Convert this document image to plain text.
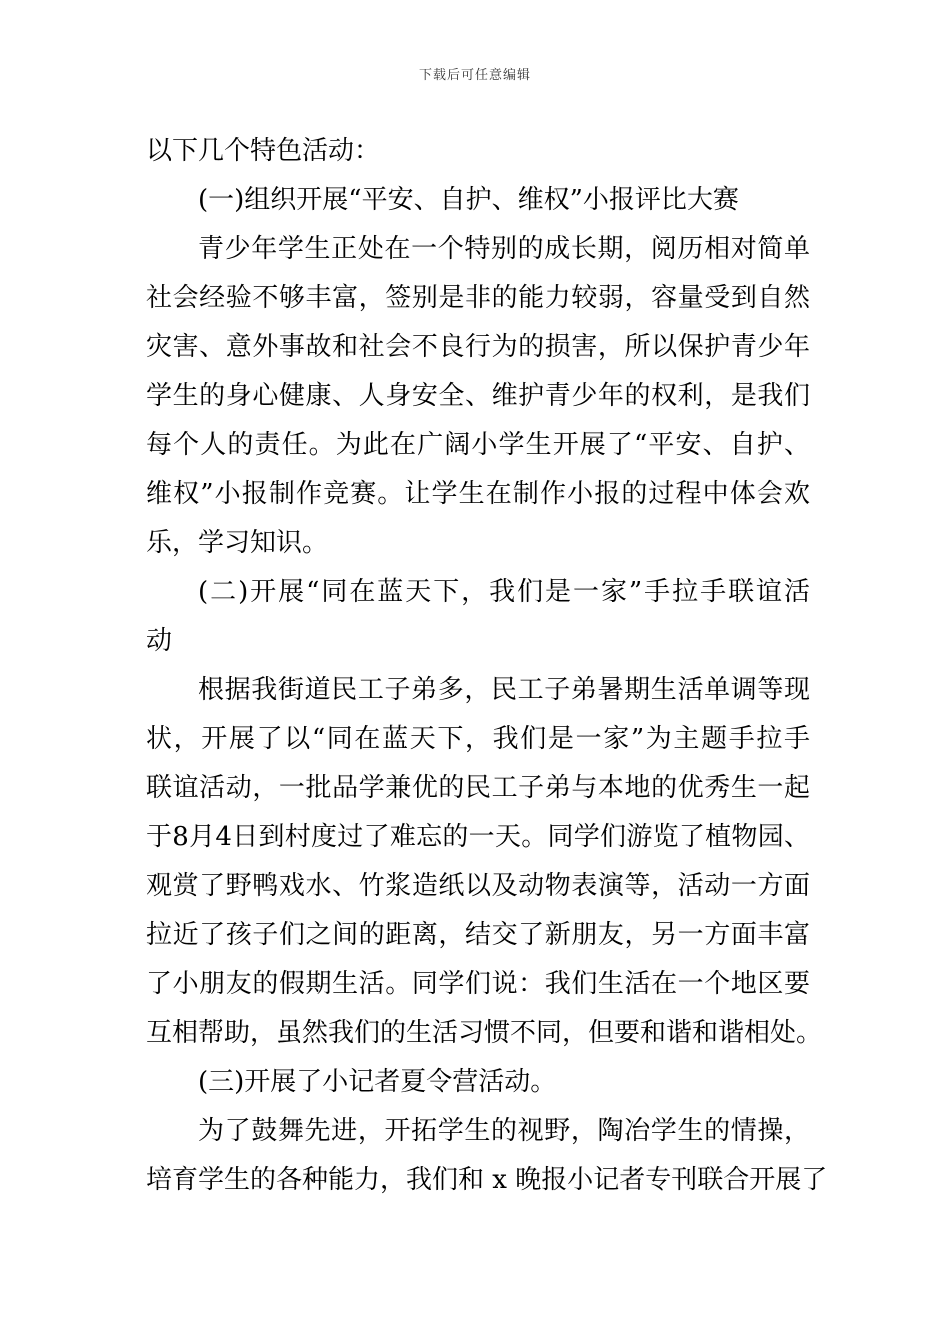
下载后可任意编辑
以下几个特色活动：
(一)组织开展“平安、自护、维权”小报评比大赛
青少年学生正处在一个特别的成长期，阅历相对简单
社会经验不够丰富，签别是非的能力较弱，容量受到自然
灾害、意外事故和社会不良行为的损害，所以保护青少年
学生的身心健康、人身安全、维护青少年的权利，是我们
每个人的责任。为此在广阔小学生开展了“平安、自护、
维权”小报制作竞赛。让学生在制作小报的过程中体会欢
乐，学习知识。
(二)开展“同在蓝天下，我们是一家”手拉手联谊活
动
根据我街道民工子弟多，民工子弟暑期生活单调等现
状，开展了以“同在蓝天下，我们是一家”为主题手拉手
联谊活动，一批品学兼优的民工子弟与本地的优秀生一起
于8月4日到村度过了难忘的一天。同学们游览了植物园、
观赏了野鸭戏水、竹浆造纸以及动物表演等，活动一方面
拉近了孩子们之间的距离，结交了新朋友，另一方面丰富
了小朋友的假期生活。同学们说：我们生活在一个地区要
互相帮助，虽然我们的生活习惯不同，但要和谐和谐相处。
(三)开展了小记者夏令营活动。
为了鼓舞先进，开拓学生的视野，陶冶学生的情操，
培育学生的各种能力，我们和 x 晚报小记者专刊联合开展了
